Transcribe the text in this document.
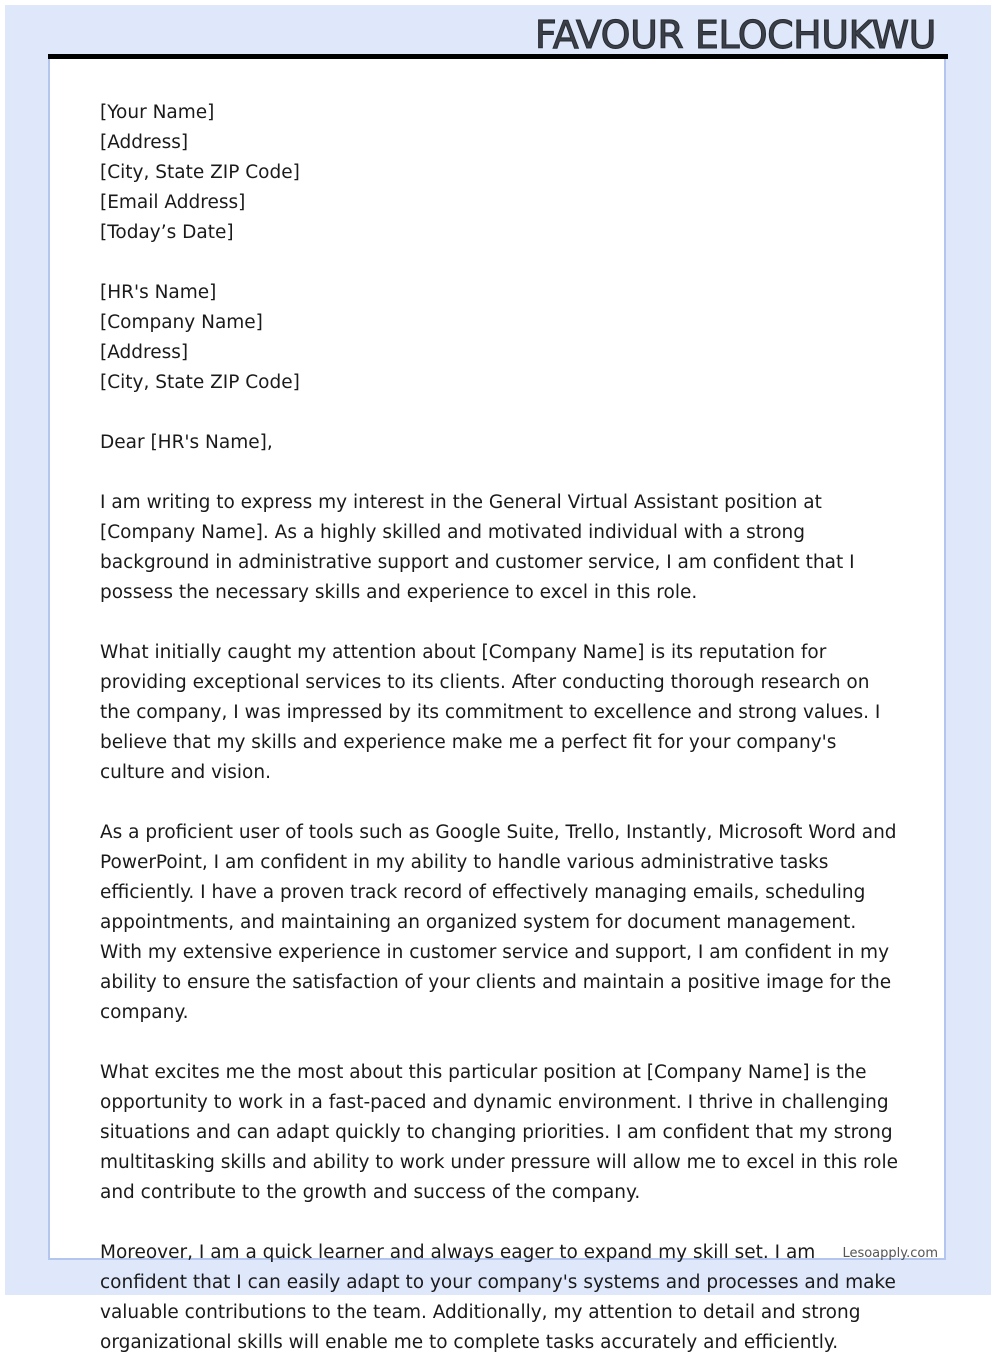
FAVOUR ELOCHUKWU
[Your Name]
[Address]
[City, State ZIP Code]
[Email Address]
[Today’s Date]
[HR's Name]
[Company Name]
[Address]
[City, State ZIP Code]
Dear [HR's Name],

I am writing to express my interest in the General Virtual Assistant position at [Company Name]. As a highly skilled and motivated individual with a strong background in administrative support and customer service, I am confident that I possess the necessary skills and experience to excel in this role.

What initially caught my attention about [Company Name] is its reputation for providing exceptional services to its clients. After conducting thorough research on the company, I was impressed by its commitment to excellence and strong values. I believe that my skills and experience make me a perfect fit for your company's culture and vision.

As a proficient user of tools such as Google Suite, Trello, Instantly, Microsoft Word and PowerPoint, I am confident in my ability to handle various administrative tasks efficiently. I have a proven track record of effectively managing emails, scheduling appointments, and maintaining an organized system for document management. With my extensive experience in customer service and support, I am confident in my ability to ensure the satisfaction of your clients and maintain a positive image for the company.

What excites me the most about this particular position at [Company Name] is the opportunity to work in a fast-paced and dynamic environment. I thrive in challenging situations and can adapt quickly to changing priorities. I am confident that my strong multitasking skills and ability to work under pressure will allow me to excel in this role and contribute to the growth and success of the company.

Moreover, I am a quick learner and always eager to expand my skill set. I am confident that I can easily adapt to your company's systems and processes and make valuable contributions to the team. Additionally, my attention to detail and strong organizational skills will enable me to complete tasks accurately and efficiently.

Lesoapply.com
